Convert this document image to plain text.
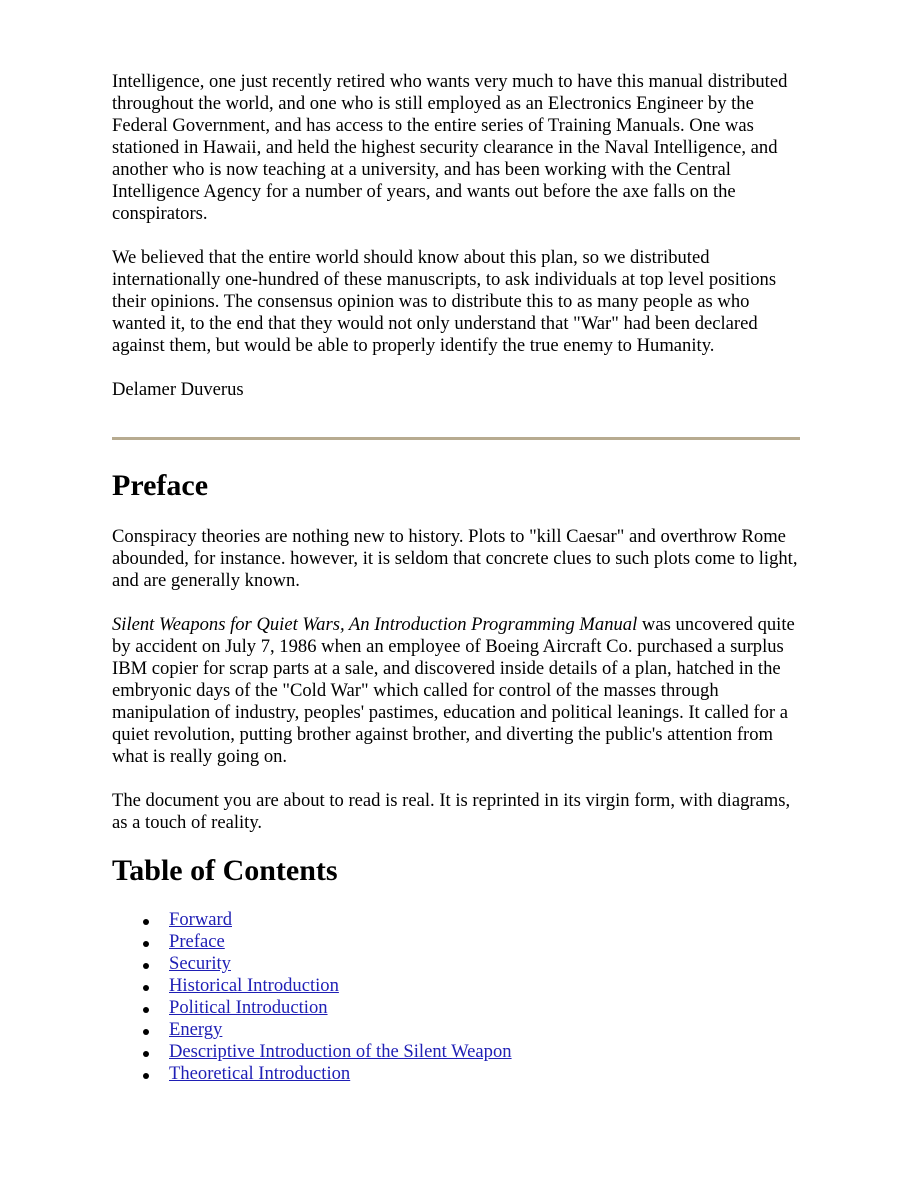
Intelligence, one just recently retired who wants very much to have this manual distributed throughout the world, and one who is still employed as an Electronics Engineer by the Federal Government, and has access to the entire series of Training Manuals. One was stationed in Hawaii, and held the highest security clearance in the Naval Intelligence, and another who is now teaching at a university, and has been working with the Central Intelligence Agency for a number of years, and wants out before the axe falls on the conspirators.

We believed that the entire world should know about this plan, so we distributed internationally one-hundred of these manuscripts, to ask individuals at top level positions their opinions. The consensus opinion was to distribute this to as many people as who wanted it, to the end that they would not only understand that "War" had been declared against them, but would be able to properly identify the true enemy to Humanity.

Delamer Duverus

Preface

Conspiracy theories are nothing new to history. Plots to "kill Caesar" and overthrow Rome abounded, for instance. however, it is seldom that concrete clues to such plots come to light, and are generally known.

Silent Weapons for Quiet Wars, An Introduction Programming Manual was uncovered quite by accident on July 7, 1986 when an employee of Boeing Aircraft Co. purchased a surplus IBM copier for scrap parts at a sale, and discovered inside details of a plan, hatched in the embryonic days of the "Cold War" which called for control of the masses through manipulation of industry, peoples' pastimes, education and political leanings. It called for a quiet revolution, putting brother against brother, and diverting the public's attention from what is really going on.

The document you are about to read is real. It is reprinted in its virgin form, with diagrams, as a touch of reality.

Table of Contents
Forward
Preface
Security
Historical Introduction
Political Introduction
Energy
Descriptive Introduction of the Silent Weapon
Theoretical Introduction
